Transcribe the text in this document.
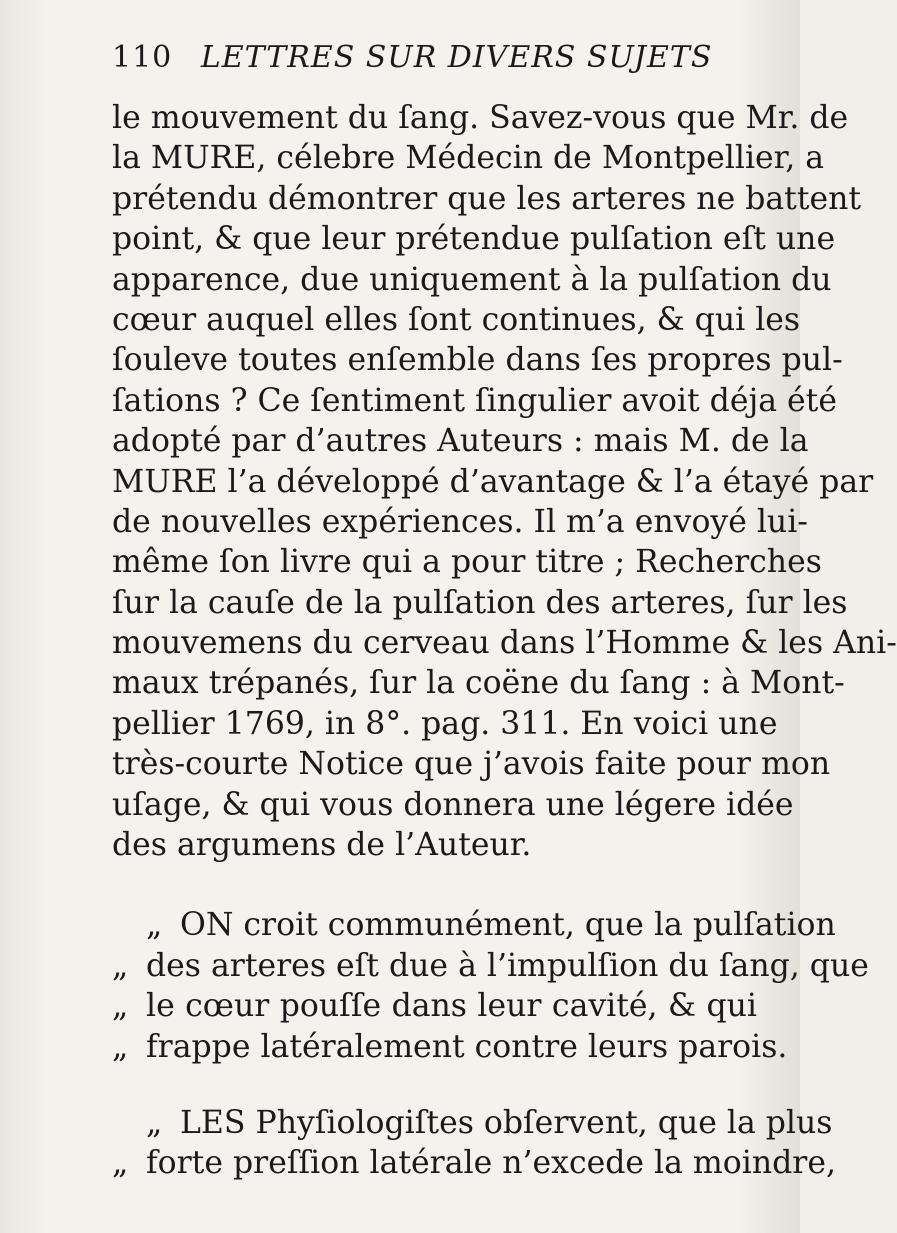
110 LETTRES SUR DIVERS SUJETS
le mouvement du ſang. Savez-vous que Mr. de
la MURE, célebre Médecin de Montpellier, a
prétendu démontrer que les arteres ne battent
point, & que leur prétendue pulſation eſt une
apparence, due uniquement à la pulſation du
cœur auquel elles ſont continues, & qui les
ſouleve toutes enſemble dans ſes propres pul-
ſations ? Ce ſentiment ſingulier avoit déja été
adopté par d’autres Auteurs : mais M. de la
MURE l’a développé d’avantage & l’a étayé par
de nouvelles expériences. Il m’a envoyé lui-
même ſon livre qui a pour titre ; Recherches
ſur la cauſe de la pulſation des arteres, ſur les
mouvemens du cerveau dans l’Homme & les Ani-
maux trépanés, ſur la coëne du ſang : à Mont-
pellier 1769, in 8°. pag. 311. En voici une
très-courte Notice que j’avois faite pour mon
uſage, & qui vous donnera une légere idée
des argumens de l’Auteur.
„ ON croit communément, que la pulſation
„ des arteres eſt due à l’impulſion du ſang, que
„ le cœur pouſſe dans leur cavité, & qui
„ frappe latéralement contre leurs parois.
„ LES Phyſiologiſtes obſervent, que la plus
„ forte preſſion latérale n’excede la moindre,
